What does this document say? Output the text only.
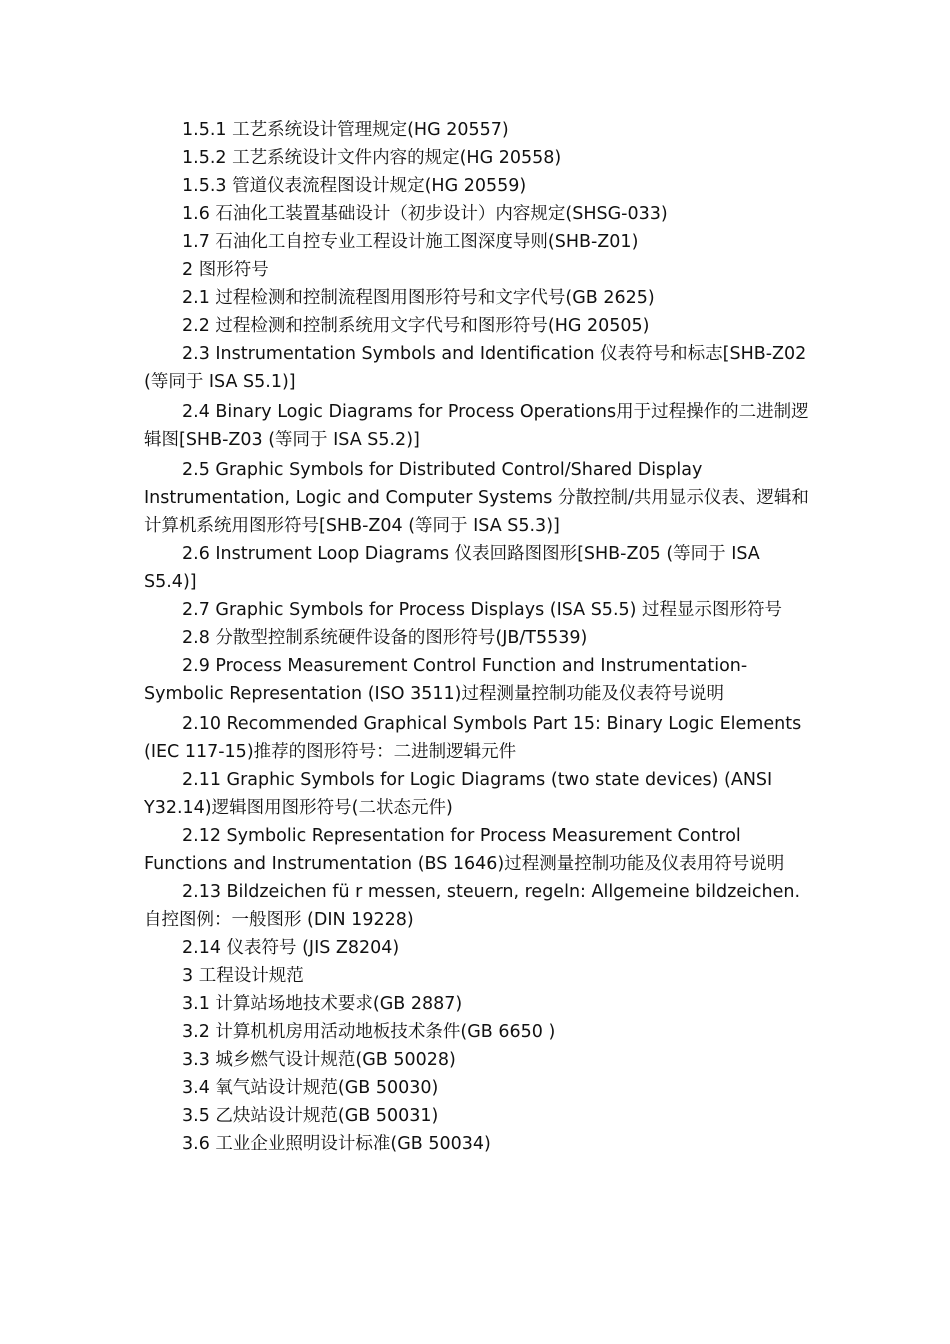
1.5.1 工艺系统设计管理规定(HG 20557)

1.5.2 工艺系统设计文件内容的规定(HG 20558)

1.5.3 管道仪表流程图设计规定(HG 20559)

1.6 石油化工装置基础设计（初步设计）内容规定(SHSG-033)

1.7 石油化工自控专业工程设计施工图深度导则(SHB-Z01)

2 图形符号

2.1 过程检测和控制流程图用图形符号和文字代号(GB 2625)

2.2 过程检测和控制系统用文字代号和图形符号(HG 20505)

2.3 Instrumentation Symbols and Identification 仪表符号和标志[SHB-Z02 (等同于 ISA S5.1)]

2.4 Binary Logic Diagrams for Process Operations用于过程操作的二进制逻辑图[SHB-Z03 (等同于 ISA S5.2)]

2.5 Graphic Symbols for Distributed Control/Shared Display Instrumentation, Logic and Computer Systems 分散控制/共用显示仪表、逻辑和计算机系统用图形符号[SHB-Z04 (等同于 ISA S5.3)]

2.6 Instrument Loop Diagrams 仪表回路图图形[SHB-Z05 (等同于 ISA S5.4)]

2.7 Graphic Symbols for Process Displays (ISA S5.5) 过程显示图形符号

2.8 分散型控制系统硬件设备的图形符号(JB/T5539)

2.9 Process Measurement Control Function and Instrumentation-Symbolic Representation (ISO 3511)过程测量控制功能及仪表符号说明

2.10 Recommended Graphical Symbols Part 15: Binary Logic Elements (IEC 117-15)推荐的图形符号：二进制逻辑元件

2.11 Graphic Symbols for Logic Diagrams (two state devices) (ANSI Y32.14)逻辑图用图形符号(二状态元件)

2.12 Symbolic Representation for Process Measurement Control Functions and Instrumentation (BS 1646)过程测量控制功能及仪表用符号说明

2.13 Bildzeichen fü r messen, steuern, regeln: Allgemeine bildzeichen. 自控图例：一般图形 (DIN 19228)

2.14 仪表符号 (JIS Z8204)

3 工程设计规范

3.1 计算站场地技术要求(GB 2887)

3.2 计算机机房用活动地板技术条件(GB 6650 )

3.3 城乡燃气设计规范(GB 50028)

3.4 氧气站设计规范(GB 50030)

3.5 乙炔站设计规范(GB 50031)

3.6 工业企业照明设计标准(GB 50034)
